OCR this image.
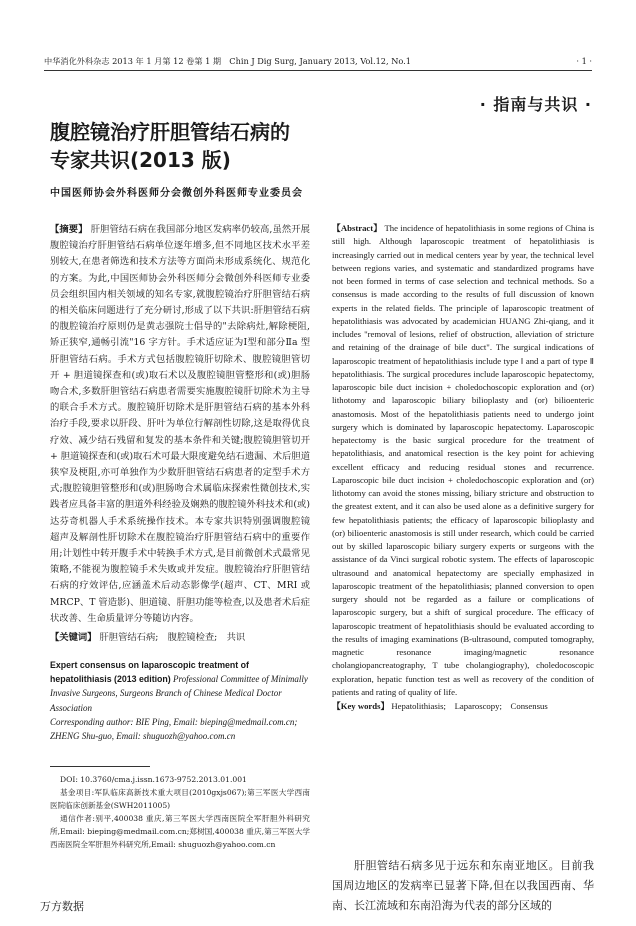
中华消化外科杂志 2013 年 1 月第 12 卷第 1 期　Chin J Dig Surg, January 2013, Vol.12, No.1	· 1 ·

· 指南与共识 ·
腹腔镜治疗肝胆管结石病的
专家共识(2013 版)
中国医师协会外科医师分会微创外科医师专业委员会
【摘要】 肝胆管结石病在我国部分地区发病率仍较高,虽然开展腹腔镜治疗肝胆管结石病单位逐年增多,但不同地区技术水平差别较大,在患者筛选和技术方法等方面尚未形成系统化、规范化的方案。为此,中国医师协会外科医师分会微创外科医师专业委员会组织国内相关领域的知名专家,就腹腔镜治疗肝胆管结石病的相关临床问题进行了充分研讨,形成了以下共识:肝胆管结石病的腹腔镜治疗原则仍是黄志强院士倡导的"去除病灶,解除梗阻,矫正狭窄,通畅引流"16 字方针。手术适应证为Ⅰ型和部分Ⅱa 型肝胆管结石病。手术方式包括腹腔镜肝切除术、腹腔镜胆管切开 + 胆道镜探查和(或)取石术以及腹腔镜胆管整形和(或)胆肠吻合术,多数肝胆管结石病患者需要实施腹腔镜肝切除术为主导的联合手术方式。腹腔镜肝切除术是肝胆管结石病的基本外科治疗手段,要求以肝段、肝叶为单位行解剖性切除,这是取得优良疗效、减少结石残留和复发的基本条件和关键;腹腔镜胆管切开 + 胆道镜探查和(或)取石术可最大限度避免结石遗漏、术后胆道狭窄及梗阻,亦可单独作为少数肝胆管结石病患者的定型手术方式;腹腔镜胆管整形和(或)胆肠吻合术属临床探索性微创技术,实践者应具备丰富的胆道外科经验及娴熟的腹腔镜外科技术和(或)达芬奇机器人手术系统操作技术。本专家共识特别强调腹腔镜超声及解剖性肝切除术在腹腔镜治疗肝胆管结石病中的重要作用;计划性中转开腹手术中转换手术方式,是目前微创术式最常见策略,不能视为腹腔镜手术失败或并发症。腹腔镜治疗肝胆管结石病的疗效评估,应涵盖术后动态影像学(超声、CT、MRI 或 MRCP、T 管造影)、胆道镜、肝胆功能等检查,以及患者术后症状改善、生命质量评分等随访内容。
【关键词】 肝胆管结石病;　腹腔镜检查;　共识
Expert consensus on laparoscopic treatment of hepatolithiasis (2013 edition) Professional Committee of Minimally Invasive Surgeons, Surgeons Branch of Chinese Medical Doctor Association
Corresponding author: BIE Ping, Email: bieping@medmail.com.cn; ZHENG Shu-guo, Email: shuguozh@yahoo.com.cn

DOI: 10.3760/cma.j.issn.1673-9752.2013.01.001

基金项目:军队临床高新技术重大项目(2010gxjs067);第三军医大学西南医院临床创新基金(SWH2011005)

通信作者:别平,400038 重庆,第三军医大学西南医院全军肝胆外科研究所,Email: bieping@medmail.com.cn;郑树国,400038 重庆,第三军医大学西南医院全军肝胆外科研究所,Email: shuguozh@yahoo.com.cn

【Abstract】 The incidence of hepatolithiasis in some regions of China is still high. Although laparoscopic treatment of hepatolithiasis is increasingly carried out in medical centers year by year, the technical level between regions varies, and systematic and standardized programs have not been formed in terms of case selection and technical methods. So a consensus is made according to the results of full discussion of known experts in the related fields. The principle of laparoscopic treatment of hepatolithiasis was advocated by academician HUANG Zhi-qiang, and it includes "removal of lesions, relief of obstruction, alleviation of stricture and retaining of the drainage of bile duct". The surgical indications of laparoscopic treatment of hepatolithiasis include type Ⅰ and a part of type Ⅱ hepatolithiasis. The surgical procedures include laparoscopic hepatectomy, laparoscopic bile duct incision + choledochoscopic exploration and (or) lithotomy and laparoscopic biliary bilioplasty and (or) bilioenteric anastomosis. Most of the hepatolithiasis patients need to undergo joint surgery which is dominated by laparoscopic hepatectomy. Laparoscopic hepatectomy is the basic surgical procedure for the treatment of hepatolithiasis, and anatomical resection is the key point for achieving excellent efficacy and reducing residual stones and recurrence. Laparoscopic bile duct incision + choledochoscopic exploration and (or) lithotomy can avoid the stones missing, biliary stricture and obstruction to the greatest extent, and it can also be used alone as a definitive surgery for few hepatolithiasis patients; the efficacy of laparoscopic bilioplasty and (or) bilioenteric anastomosis is still under research, which could be carried out by skilled laparoscopic biliary surgery experts or surgeons with the assistance of da Vinci surgical robotic system. The effects of laparoscopic ultrasound and anatomical hepatectomy are specially emphasized in laparoscopic treatment of the hepatolithiasis; planned conversion to open surgery should not be regarded as a failure or complications of laparoscopic surgery, but a shift of surgical procedure. The efficacy of laparoscopic treatment of hepatolithiasis should be evaluated according to the results of imaging examinations (B-ultrasound, computed tomography, magnetic resonance imaging/magnetic resonance cholangiopancreatography, T tube cholangiography), choledocoscopic exploration, hepatic function test as well as recovery of the condition of patients and rating of quality of life.
【Key words】 Hepatolithiasis;　Laparoscopy;　Consensus

肝胆管结石病多见于远东和东南亚地区。目前我国周边地区的发病率已显著下降,但在以我国西南、华南、长江流域和东南沿海为代表的部分区域的

万方数据
